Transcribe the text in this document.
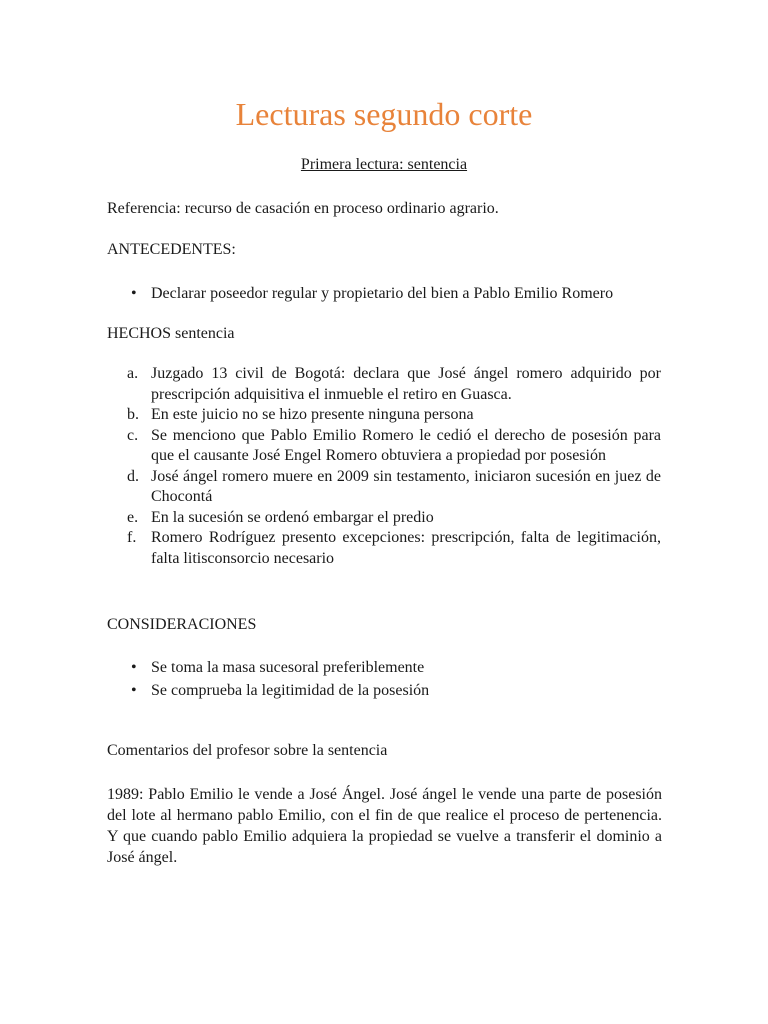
Lecturas segundo corte
Primera lectura: sentencia
Referencia: recurso de casación en proceso ordinario agrario.
ANTECEDENTES:
• Declarar poseedor regular y propietario del bien a Pablo Emilio Romero
HECHOS sentencia
a. Juzgado 13 civil de Bogotá: declara que José ángel romero adquirido por prescripción adquisitiva el inmueble el retiro en Guasca.
b. En este juicio no se hizo presente ninguna persona
c. Se menciono que Pablo Emilio Romero le cedió el derecho de posesión para que el causante José Engel Romero obtuviera a propiedad por posesión
d. José ángel romero muere en 2009 sin testamento, iniciaron sucesión en juez de Chocontá
e. En la sucesión se ordenó embargar el predio
f. Romero Rodríguez presento excepciones: prescripción, falta de legitimación, falta litisconsorcio necesario
CONSIDERACIONES
• Se toma la masa sucesoral preferiblemente
• Se comprueba la legitimidad de la posesión
Comentarios del profesor sobre la sentencia
1989: Pablo Emilio le vende a José Ángel. José ángel le vende una parte de posesión del lote al hermano pablo Emilio, con el fin de que realice el proceso de pertenencia. Y que cuando pablo Emilio adquiera la propiedad se vuelve a transferir el dominio a José ángel.
